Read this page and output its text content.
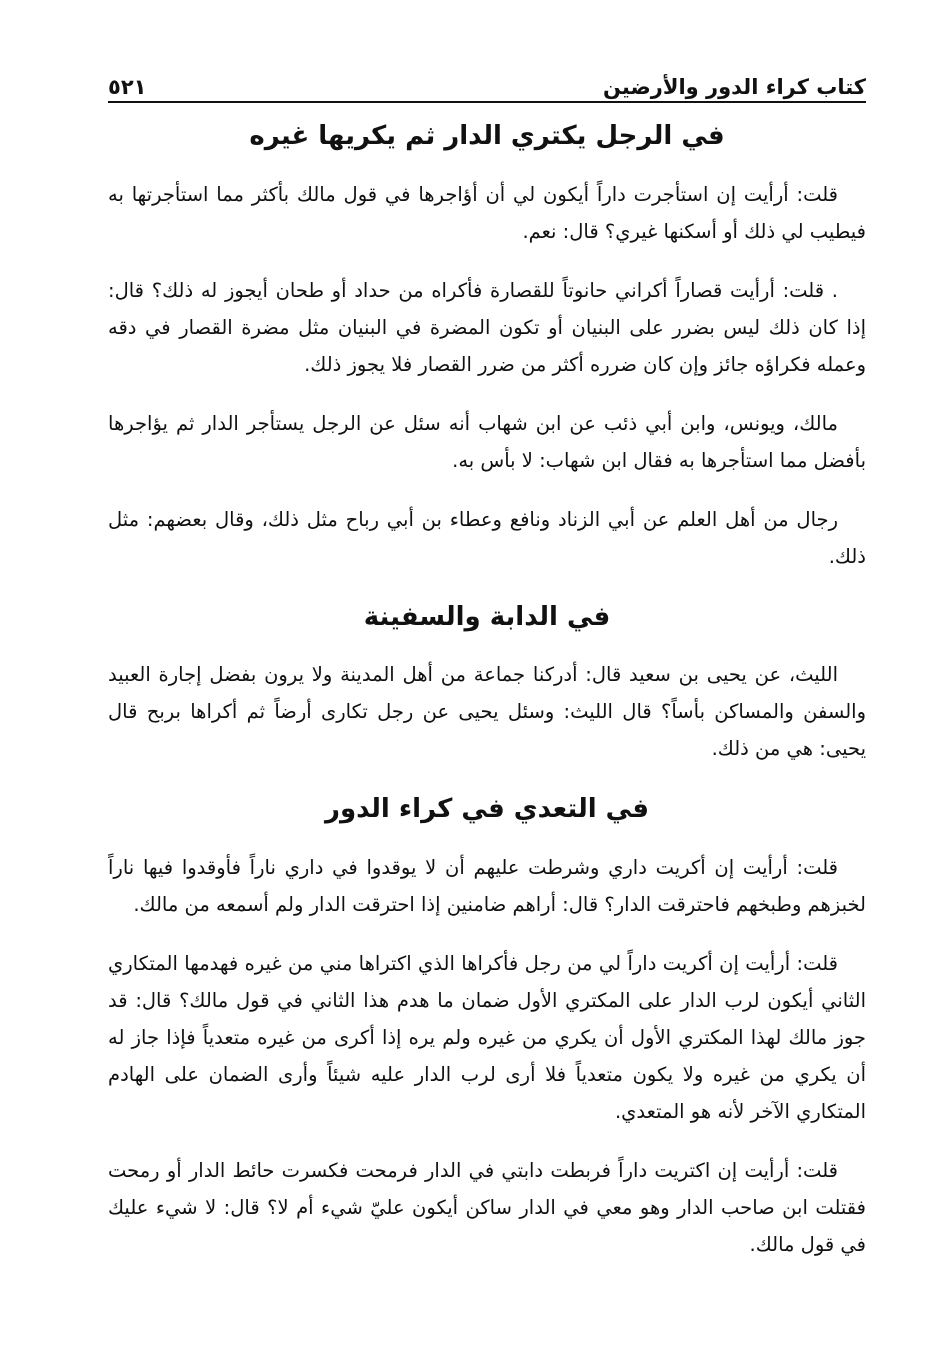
كتاب كراء الدور والأرضين
٥٢١
في الرجل يكتري الدار ثم يكريها غيره

قلت: أرأيت إن استأجرت داراً أيكون لي أن أؤاجرها في قول مالك بأكثر مما استأجرتها به فيطيب لي ذلك أو أسكنها غيري؟ قال: نعم.

. قلت: أرأيت قصاراً أكراني حانوتاً للقصارة فأكراه من حداد أو طحان أيجوز له ذلك؟ قال: إذا كان ذلك ليس بضرر على البنيان أو تكون المضرة في البنيان مثل مضرة القصار في دقه وعمله فكراؤه جائز وإن كان ضرره أكثر من ضرر القصار فلا يجوز ذلك.

مالك، ويونس، وابن أبي ذئب عن ابن شهاب أنه سئل عن الرجل يستأجر الدار ثم يؤاجرها بأفضل مما استأجرها به فقال ابن شهاب: لا بأس به.

رجال من أهل العلم عن أبي الزناد ونافع وعطاء بن أبي رباح مثل ذلك، وقال بعضهم: مثل ذلك.

في الدابة والسفينة

الليث، عن يحيى بن سعيد قال: أدركنا جماعة من أهل المدينة ولا يرون بفضل إجارة العبيد والسفن والمساكن بأساً؟ قال الليث: وسئل يحيى عن رجل تكارى أرضاً ثم أكراها بربح قال يحيى: هي من ذلك.

في التعدي في كراء الدور

قلت: أرأيت إن أكريت داري وشرطت عليهم أن لا يوقدوا في داري ناراً فأوقدوا فيها ناراً لخبزهم وطبخهم فاحترقت الدار؟ قال: أراهم ضامنين إذا احترقت الدار ولم أسمعه من مالك.

قلت: أرأيت إن أكريت داراً لي من رجل فأكراها الذي اكتراها مني من غيره فهدمها المتكاري الثاني أيكون لرب الدار على المكتري الأول ضمان ما هدم هذا الثاني في قول مالك؟ قال: قد جوز مالك لهذا المكتري الأول أن يكري من غيره ولم يره إذا أكرى من غيره متعدياً فإذا جاز له أن يكري من غيره ولا يكون متعدياً فلا أرى لرب الدار عليه شيئاً وأرى الضمان على الهادم المتكاري الآخر لأنه هو المتعدي.

قلت: أرأيت إن اكتريت داراً فربطت دابتي في الدار فرمحت فكسرت حائط الدار أو رمحت فقتلت ابن صاحب الدار وهو معي في الدار ساكن أيكون عليّ شيء أم لا؟ قال: لا شيء عليك في قول مالك.
